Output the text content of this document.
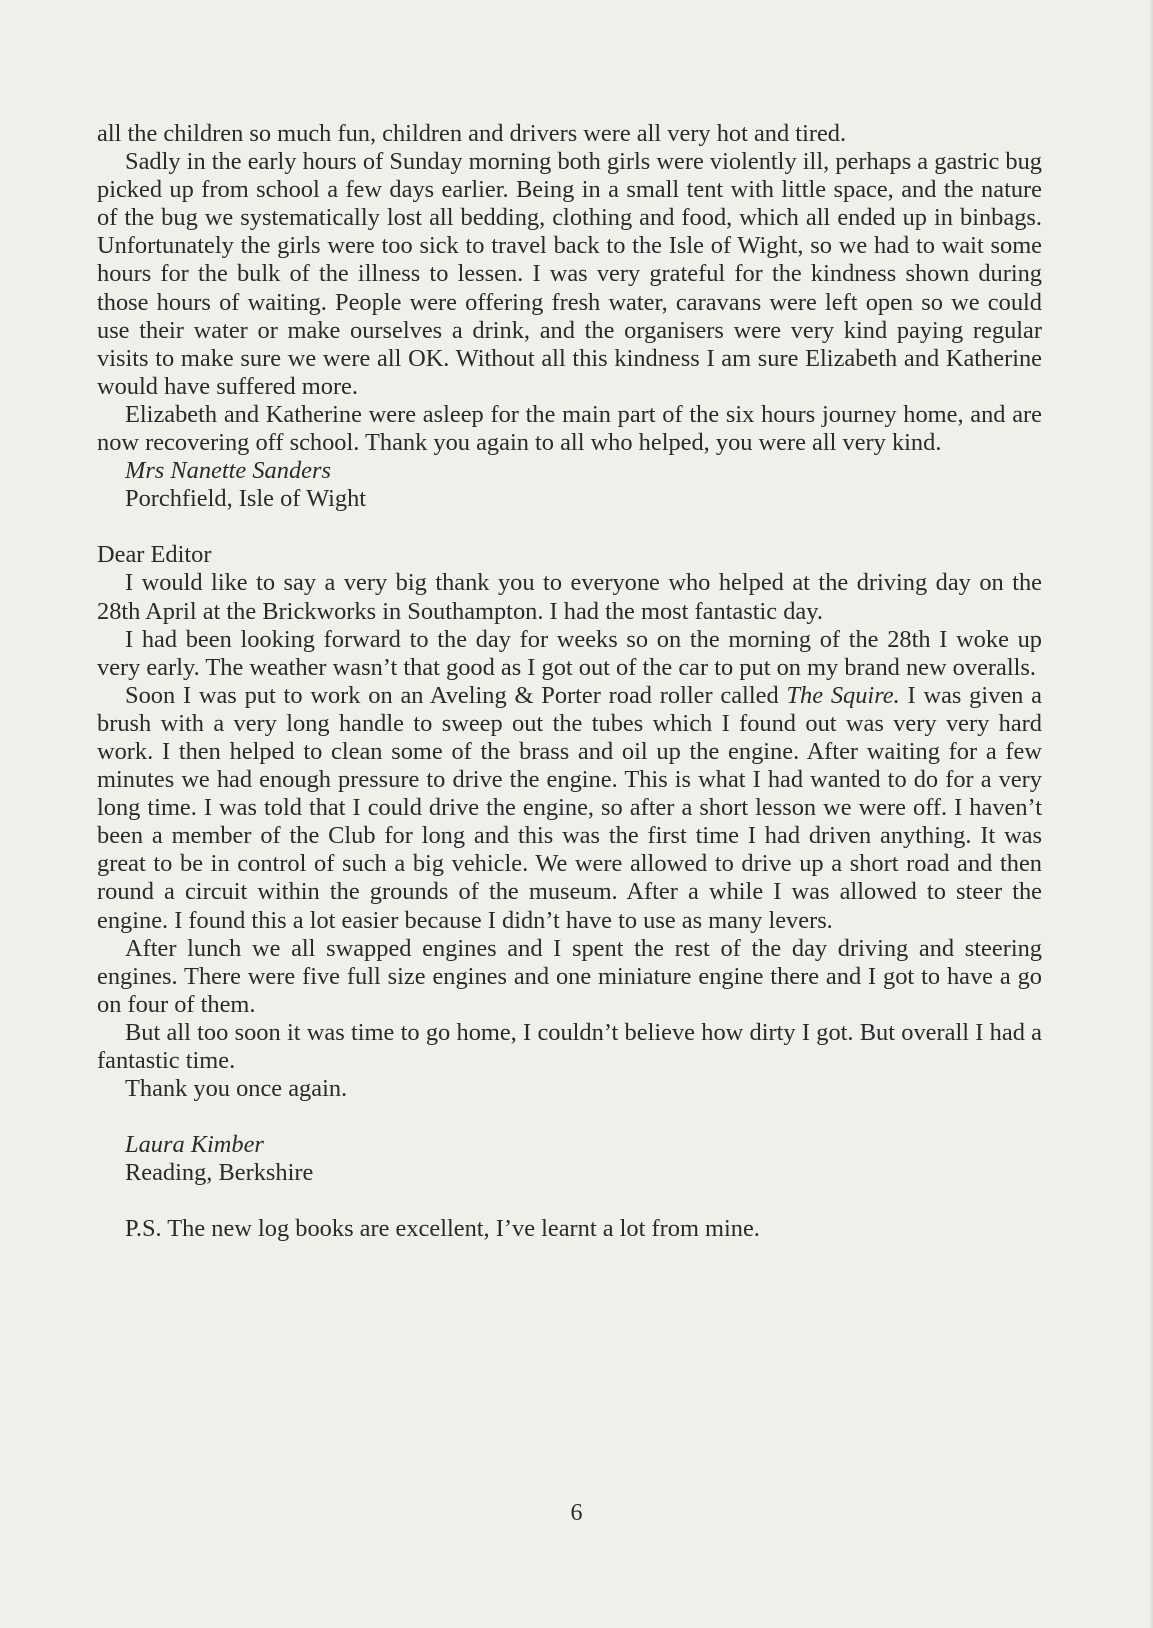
all the children so much fun, children and drivers were all very hot and tired.

Sadly in the early hours of Sunday morning both girls were violently ill, perhaps a gastric bug picked up from school a few days earlier. Being in a small tent with little space, and the nature of the bug we systematically lost all bedding, clothing and food, which all ended up in binbags. Unfortunately the girls were too sick to travel back to the Isle of Wight, so we had to wait some hours for the bulk of the illness to lessen. I was very grateful for the kindness shown during those hours of waiting. People were offering fresh water, caravans were left open so we could use their water or make ourselves a drink, and the organisers were very kind paying regular visits to make sure we were all OK. Without all this kindness I am sure Elizabeth and Katherine would have suffered more.

Elizabeth and Katherine were asleep for the main part of the six hours journey home, and are now recovering off school. Thank you again to all who helped, you were all very kind.

Mrs Nanette Sanders

Porchfield, Isle of Wight

Dear Editor

I would like to say a very big thank you to everyone who helped at the driving day on the 28th April at the Brickworks in Southampton. I had the most fantastic day.

I had been looking forward to the day for weeks so on the morning of the 28th I woke up very early. The weather wasn’t that good as I got out of the car to put on my brand new overalls.

Soon I was put to work on an Aveling & Porter road roller called The Squire. I was given a brush with a very long handle to sweep out the tubes which I found out was very very hard work. I then helped to clean some of the brass and oil up the engine. After waiting for a few minutes we had enough pressure to drive the engine. This is what I had wanted to do for a very long time. I was told that I could drive the engine, so after a short lesson we were off. I haven’t been a member of the Club for long and this was the first time I had driven anything. It was great to be in control of such a big vehicle. We were allowed to drive up a short road and then round a circuit within the grounds of the museum. After a while I was allowed to steer the engine. I found this a lot easier because I didn’t have to use as many levers.

After lunch we all swapped engines and I spent the rest of the day driving and steering engines. There were five full size engines and one miniature engine there and I got to have a go on four of them.

But all too soon it was time to go home, I couldn’t believe how dirty I got. But overall I had a fantastic time.

Thank you once again.

Laura Kimber

Reading, Berkshire

P.S. The new log books are excellent, I’ve learnt a lot from mine.

6
